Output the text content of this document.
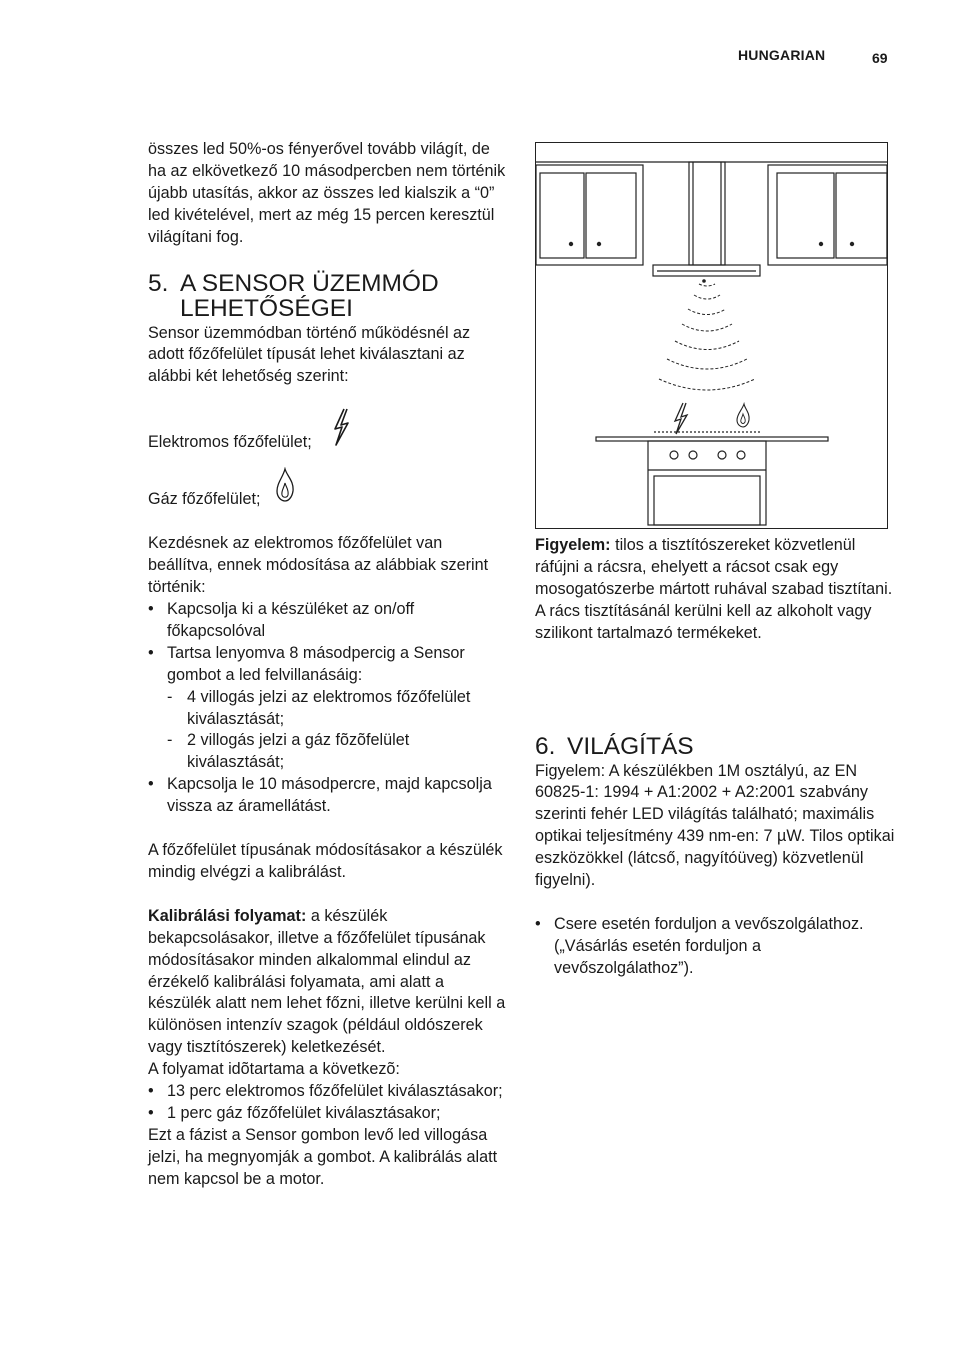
HUNGARIAN	69

összes led 50%-os fényerővel tovább világít, de ha az elkövetkező 10 másodpercben nem történik újabb utasítás, akkor az összes led kialszik a “0” led kivételével, mert az még 15 percen keresztül világítani fog.

5. A SENSOR ÜZEMMÓD
LEHETŐSÉGEI

Sensor üzemmódban történő működésnél az adott főzőfelület típusát lehet kiválasztani az alábbi két lehetőség szerint:

Elektromos főzőfelület;

Gáz főzőfelület;

Kezdésnek az elektromos főzőfelület van beállítva, ennek módosítása az alábbiak szerint történik:

• Kapcsolja ki a készüléket az on/off főkapcsolóval
• Tartsa lenyomva 8 másodpercig a Sensor gombot a led felvillanásáig:
- 4 villogás jelzi az elektromos főzőfelület kiválasztását;
- 2 villogás jelzi a gáz fõzõfelület kiválasztását;
• Kapcsolja le 10 másodpercre, majd kapcsolja vissza az áramellátást.

A főzőfelület típusának módosításakor a készülék mindig elvégzi a kalibrálást.

Kalibrálási folyamat: a készülék bekapcsolásakor, illetve a főzőfelület típusának módosításakor minden alkalommal elindul az érzékelő kalibrálási folyamata, ami alatt a készülék alatt nem lehet főzni, illetve kerülni kell a különösen intenzív szagok (például oldószerek vagy tisztítószerek) keletkezését.

A folyamat idõtartama a következõ:

• 13 perc elektromos főzőfelület kiválasztásakor;
• 1 perc gáz főzőfelület kiválasztásakor;

Ezt a fázist a Sensor gombon levő led villogása jelzi, ha megnyomják a gombot. A kalibrálás alatt nem kapcsol be a motor.

Figyelem: tilos a tisztítószereket közvetlenül ráfújni a rácsra, ehelyett a rácsot csak egy mosogatószerbe mártott ruhával szabad tisztítani. A rács tisztításánál kerülni kell az alkoholt vagy szilikont tartalmazó termékeket.

6. VILÁGÍTÁS

Figyelem: A készülékben 1M osztályú, az EN 60825-1: 1994 + A1:2002 + A2:2001 szabvány szerinti fehér LED világítás található; maximális optikai teljesítmény 439 nm-en: 7 µW. Tilos optikai eszközökkel (látcső, nagyítóüveg) közvetlenül figyelni).

• Csere esetén forduljon a vevőszolgálathoz. („Vásárlás esetén forduljon a vevőszolgálathoz”).
